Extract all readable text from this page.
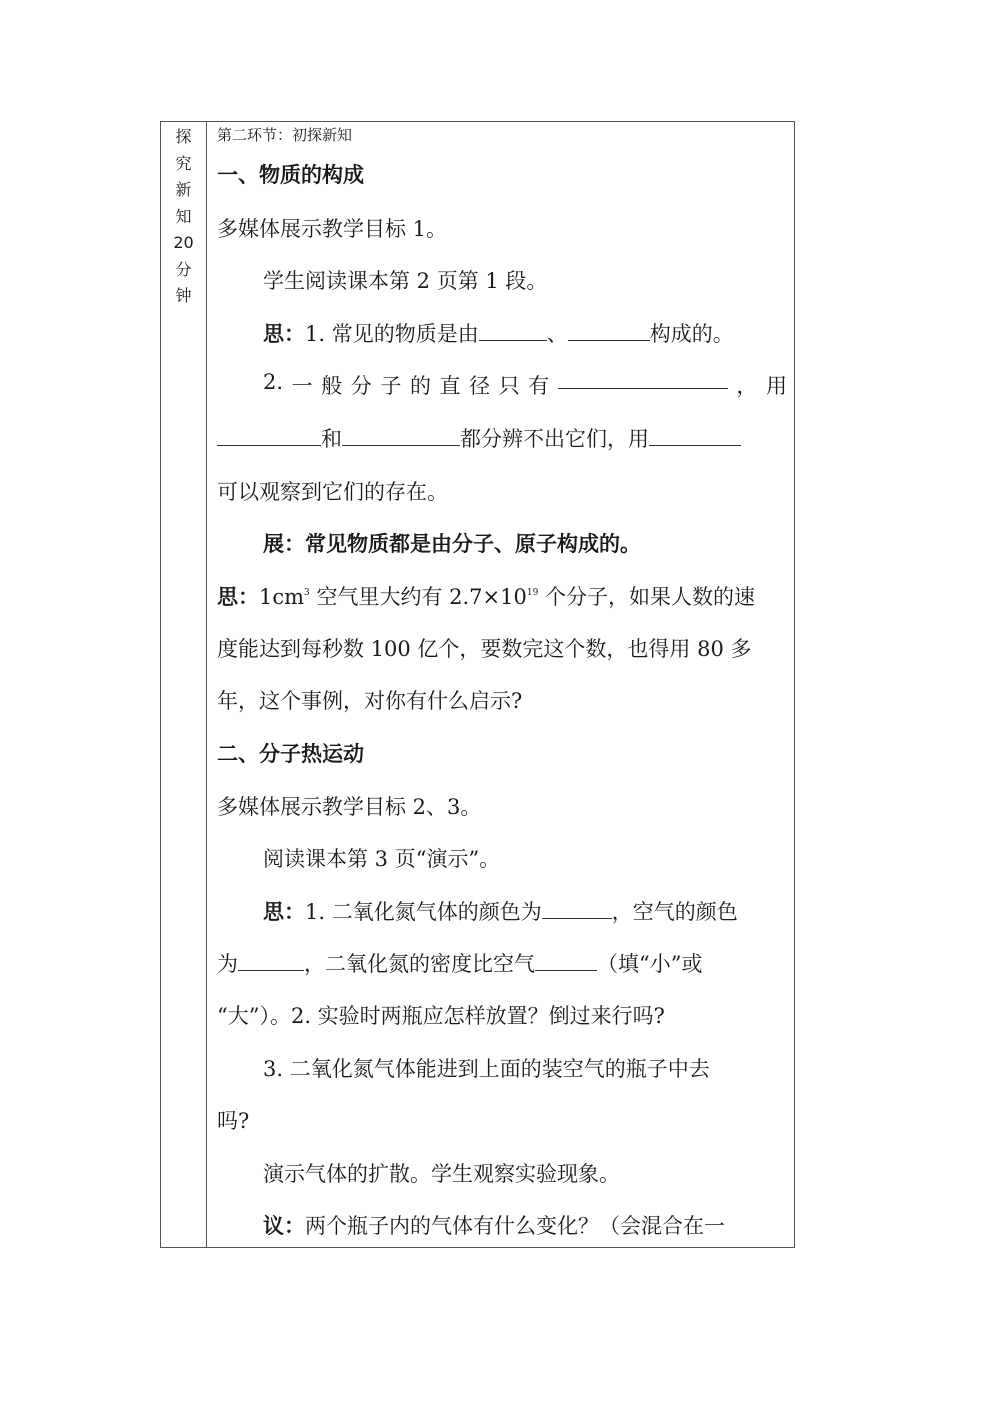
探
究
新
知
20
分
钟
第二环节：初探新知
一、物质的构成
多媒体展示教学目标 1。
学生阅读课本第 2 页第 1 段。
思：1. 常见的物质是由	、	构成的。
2. 一 般 分 子 的 直 径 只 有	， 用
和	都分辨不出它们，用
可以观察到它们的存在。
展：常见物质都是由分子、原子构成的。
思：$1cm^3$ 空气里大约有 $2.7\times 10^{19}$ 个分子，如果人数的速
度能达到每秒数 100 亿个，要数完这个数，也得用 80 多
年，这个事例，对你有什么启示?
二、分子热运动
多媒体展示教学目标 2、3。
阅读课本第 3 页“演示”。
思：1. 二氧化氮气体的颜色为	，空气的颜色
为	，二氧化氮的密度比空气	（填“小”或
“大”）。2. 实验时两瓶应怎样放置？倒过来行吗?
3. 二氧化氮气体能进到上面的装空气的瓶子中去
吗?
演示气体的扩散。学生观察实验现象。
议：两个瓶子内的气体有什么变化？（会混合在一
